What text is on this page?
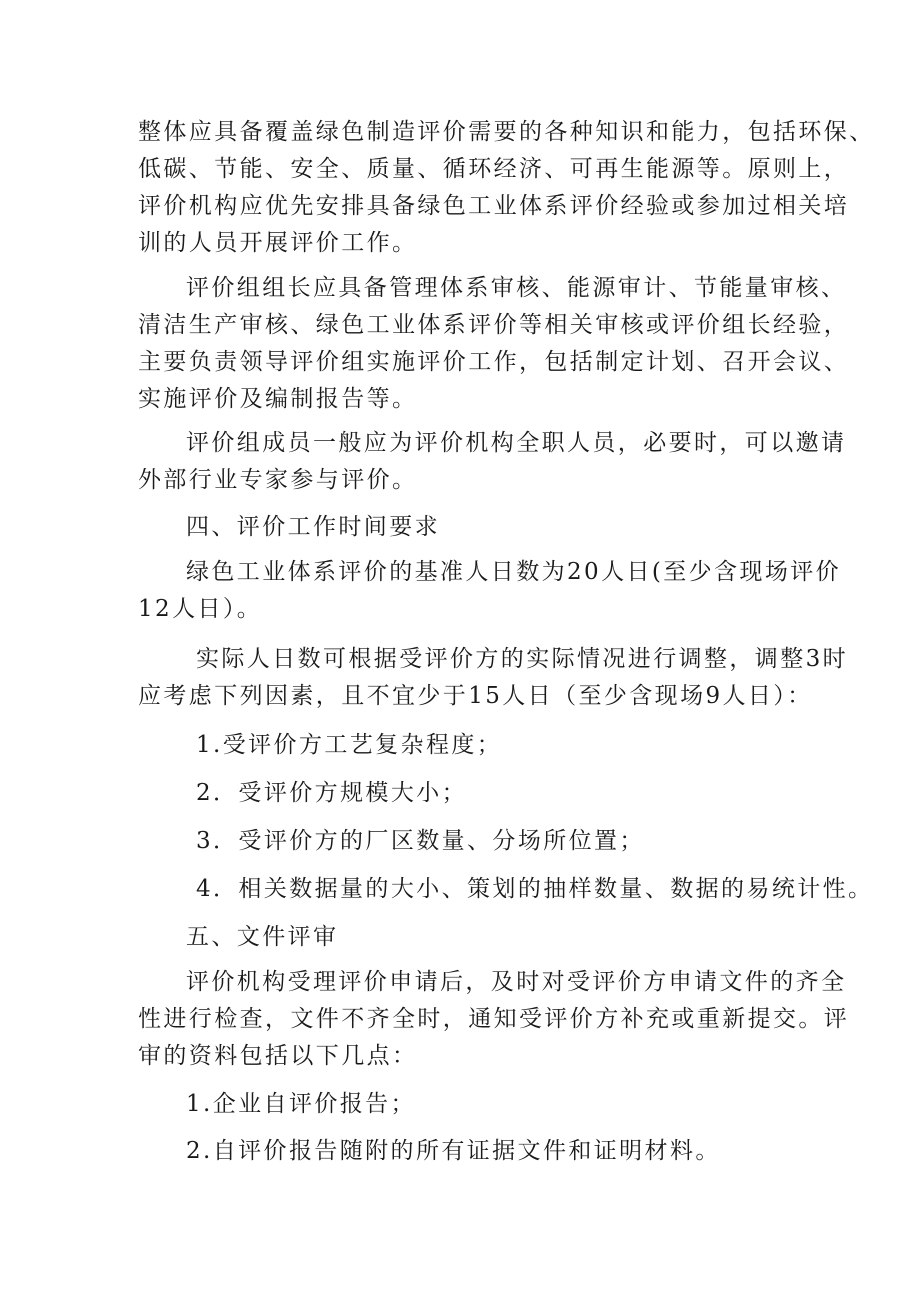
整体应具备覆盖绿色制造评价需要的各种知识和能力，包括环保、
低碳、节能、安全、质量、循环经济、可再生能源等。原则上，
评价机构应优先安排具备绿色工业体系评价经验或参加过相关培
训的人员开展评价工作。
评价组组长应具备管理体系审核、能源审计、节能量审核、
清洁生产审核、绿色工业体系评价等相关审核或评价组长经验，
主要负责领导评价组实施评价工作，包括制定计划、召开会议、
实施评价及编制报告等。
评价组成员一般应为评价机构全职人员，必要时，可以邀请
外部行业专家参与评价。
四、评价工作时间要求
绿色工业体系评价的基准人日数为20人日(至少含现场评价
12人日）。
实际人日数可根据受评价方的实际情况进行调整，调整3时
应考虑下列因素，且不宜少于15人日（至少含现场9人日）：
1.受评价方工艺复杂程度；
2．受评价方规模大小；
3．受评价方的厂区数量、分场所位置；
4．相关数据量的大小、策划的抽样数量、数据的易统计性。
五、文件评审
评价机构受理评价申请后，及时对受评价方申请文件的齐全
性进行检查，文件不齐全时，通知受评价方补充或重新提交。评
审的资料包括以下几点：
1.企业自评价报告；
2.自评价报告随附的所有证据文件和证明材料。
